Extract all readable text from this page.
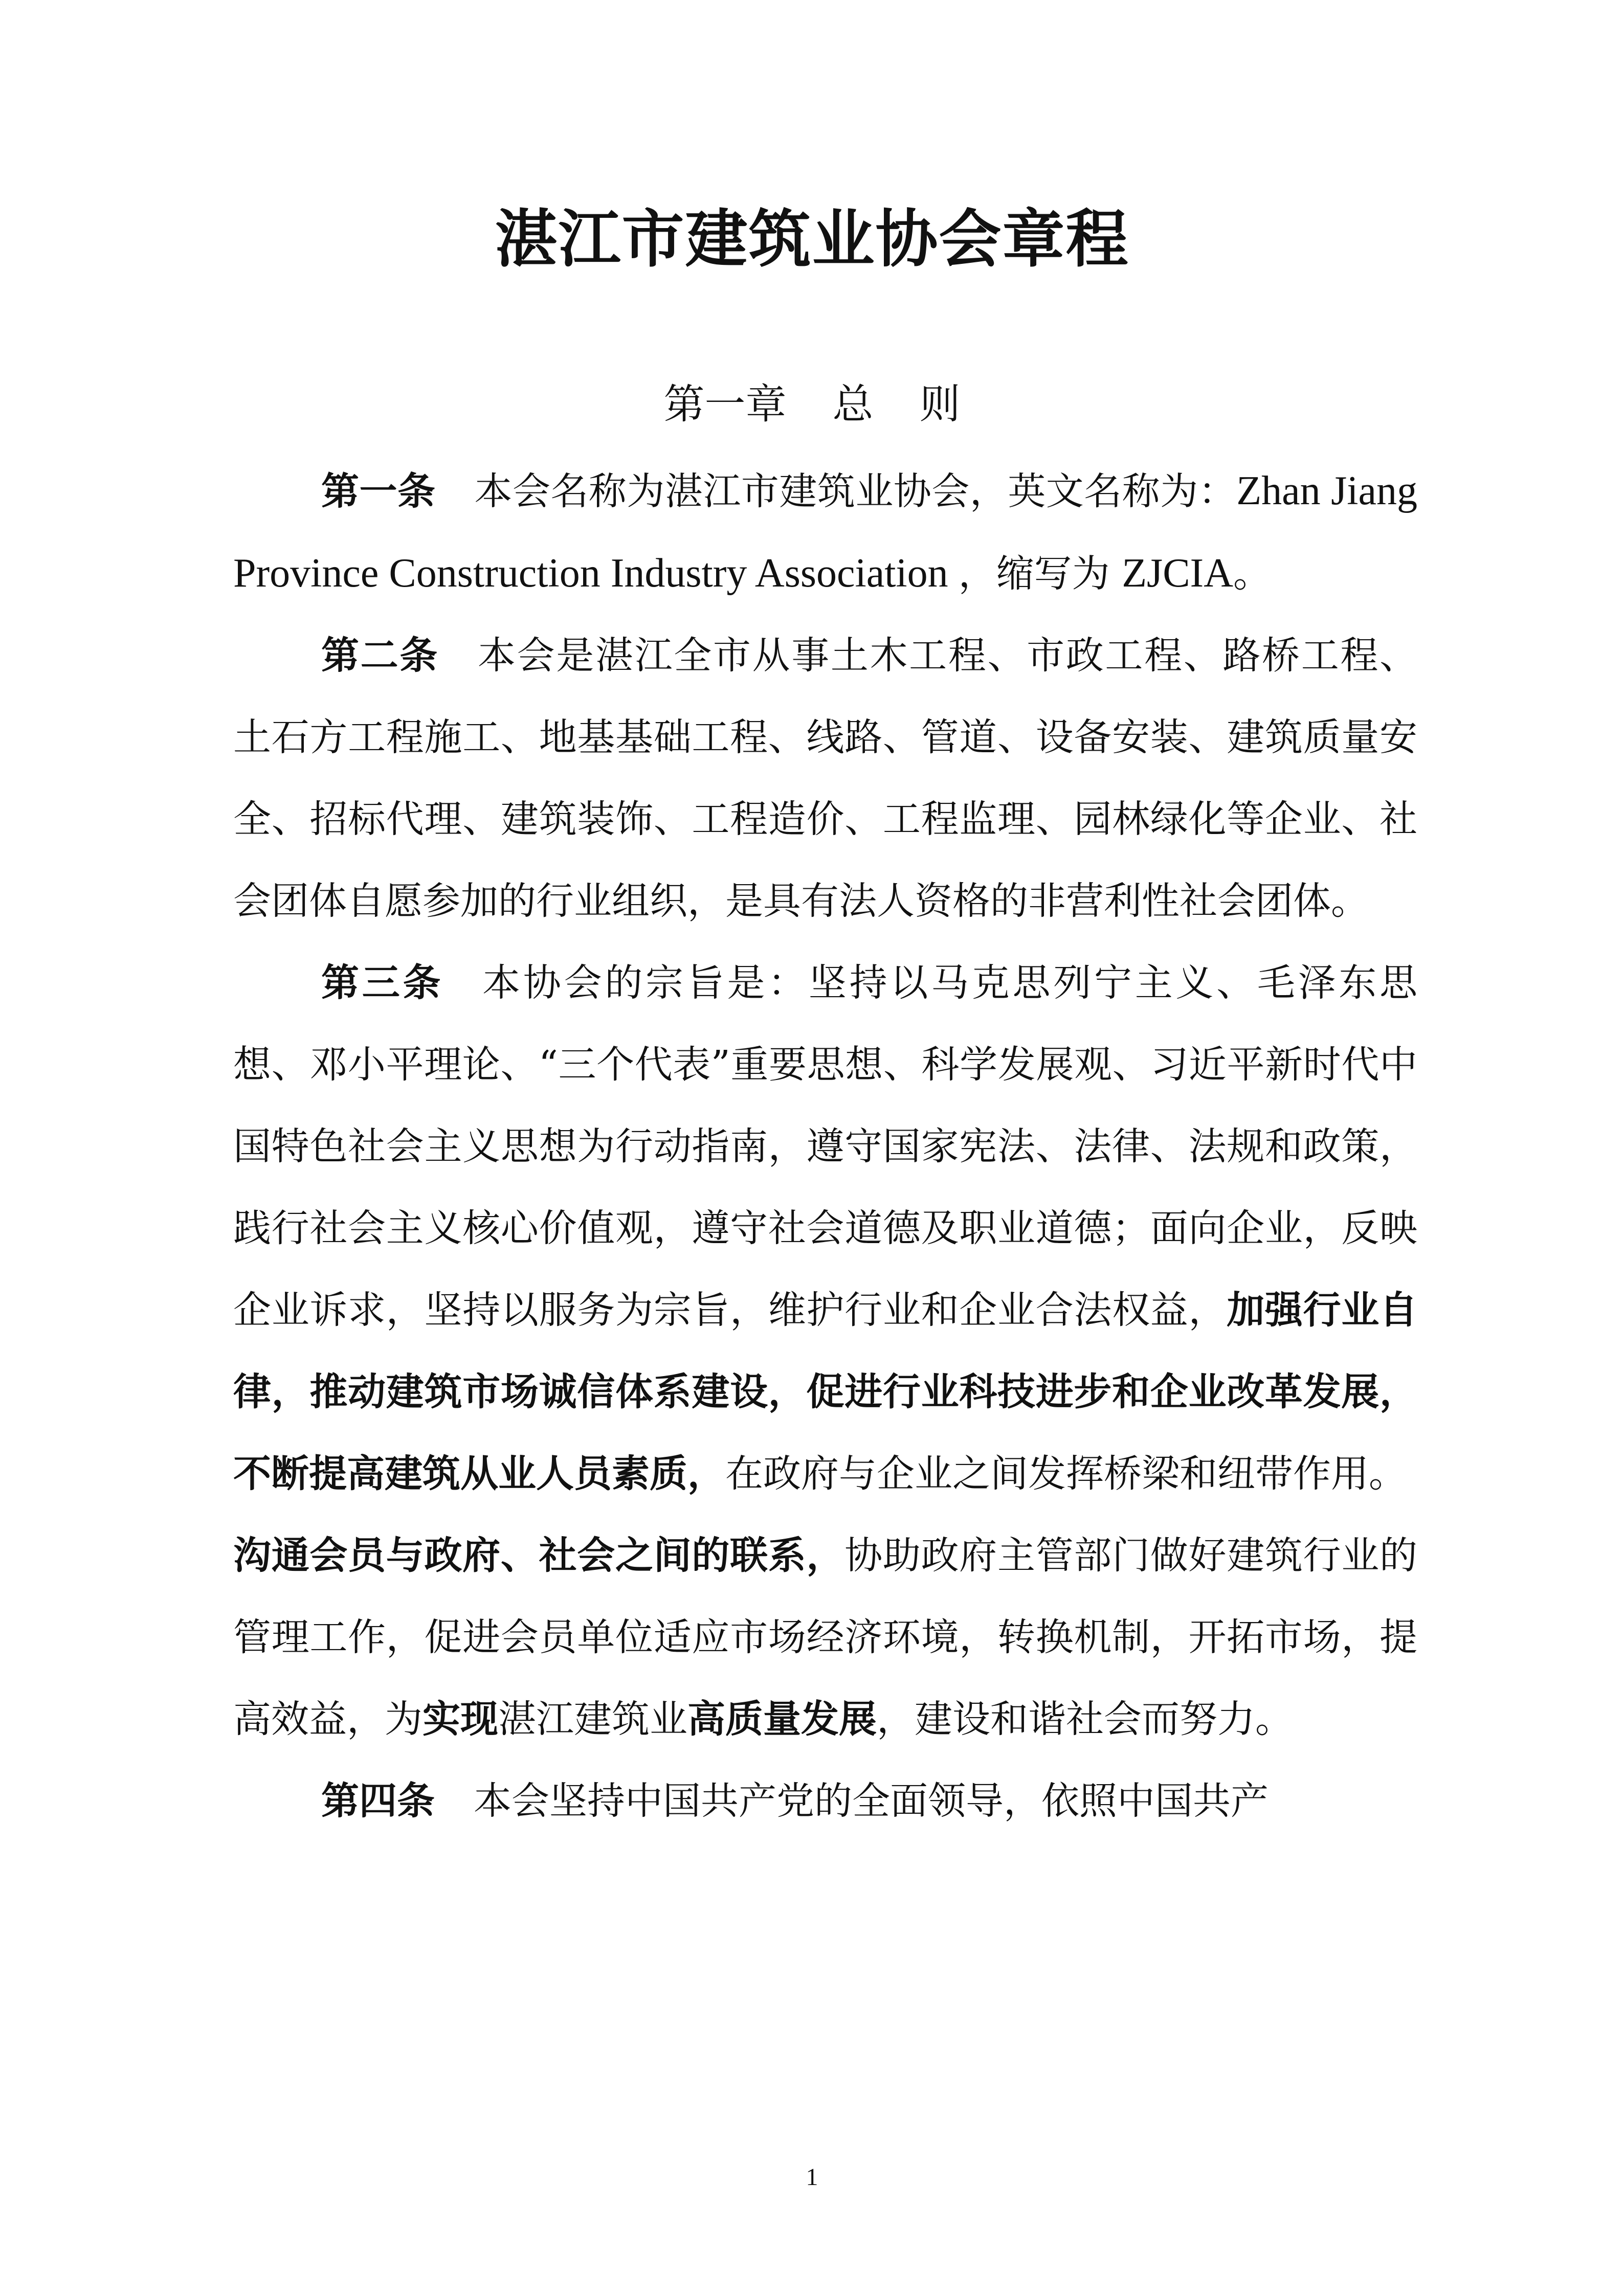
湛江市建筑业协会章程
第一章 总 则

第一条 本会名称为湛江市建筑业协会，英文名称为：Zhan Jiang Province Construction Industry Association ，缩写为 ZJCIA。

第二条 本会是湛江全市从事土木工程、市政工程、路桥工程、土石方工程施工、地基基础工程、线路、管道、设备安装、建筑质量安全、招标代理、建筑装饰、工程造价、工程监理、园林绿化等企业、社会团体自愿参加的行业组织，是具有法人资格的非营利性社会团体。

第三条 本协会的宗旨是：坚持以马克思列宁主义、毛泽东思想、邓小平理论、“三个代表”重要思想、科学发展观、习近平新时代中国特色社会主义思想为行动指南，遵守国家宪法、法律、法规和政策，践行社会主义核心价值观，遵守社会道德及职业道德；面向企业，反映企业诉求，坚持以服务为宗旨，维护行业和企业合法权益，加强行业自律，推动建筑市场诚信体系建设，促进行业科技进步和企业改革发展，不断提高建筑从业人员素质，在政府与企业之间发挥桥梁和纽带作用。

沟通会员与政府、社会之间的联系，协助政府主管部门做好建筑行业的管理工作，促进会员单位适应市场经济环境，转换机制，开拓市场，提高效益，为实现湛江建筑业高质量发展，建设和谐社会而努力。

第四条 本会坚持中国共产党的全面领导，依照中国共产

1
